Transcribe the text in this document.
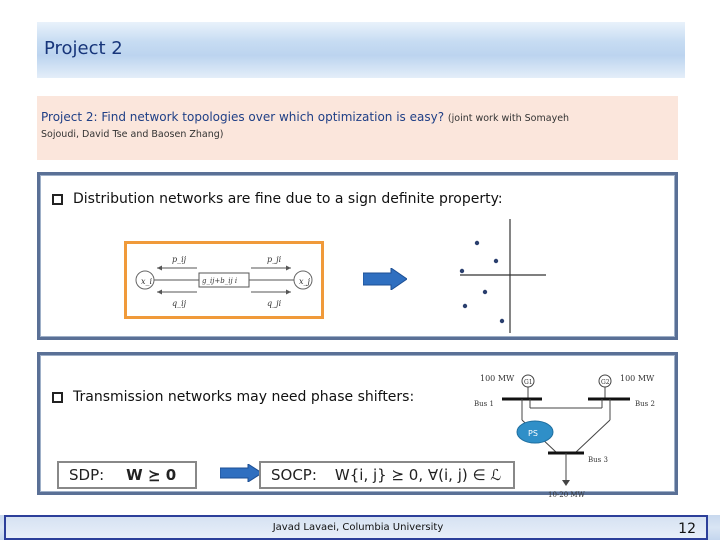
Project 2
Project 2: Find network topologies over which optimization is easy? (joint work with Somayeh
Sojoudi, David Tse and Baosen Zhang)
Distribution networks are fine due to a sign definite property:
x_i	x_j
g_ij+b_ij i
p_ij	p_ji
q_ij	q_ji
Transmission networks may need phase shifters:
SDP: W ⪰ 0	SOCP: W{i, j} ⪰ 0, ∀(i, j) ∈ ℒ
100 MW	100 MW
G1	G2
Bus 1	Bus 2
PS
Bus 3
10-20 MW
Javad Lavaei, Columbia University	12
